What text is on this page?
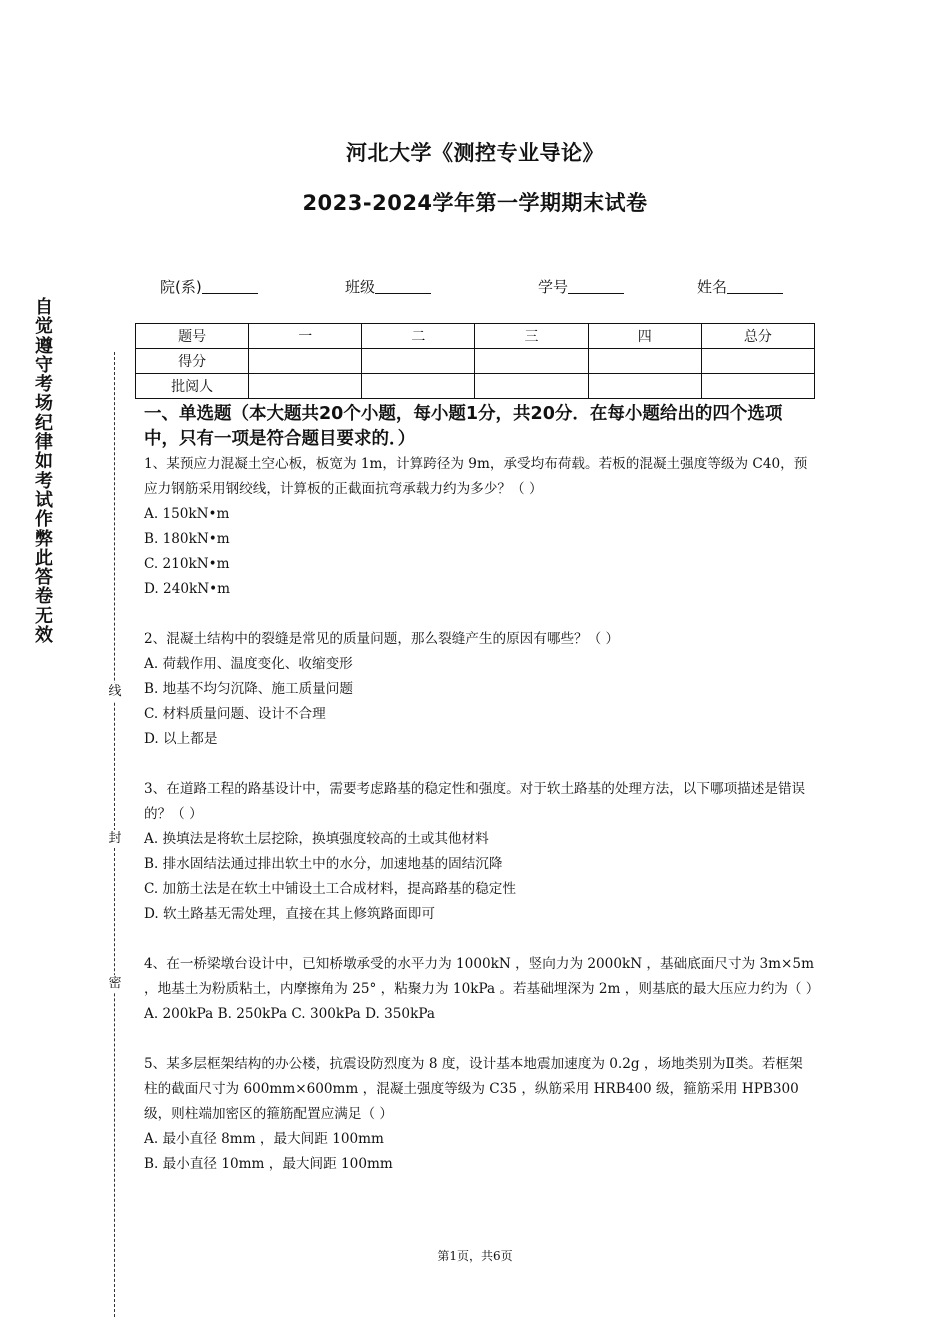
河北大学《测控专业导论》
2023-2024学年第一学期期末试卷
院(系)	班级	学号	姓名
题号	一	二	三	四	总分
得分					
批阅人					
自
觉
遵
守
考
场
纪
律
如
考
试
作
弊
此
答
卷
无
效
线
封
密

一、单选题（本大题共20个小题，每小题1分，共20分．在每小题给出的四个选项中，只有一项是符合题目要求的．）

1、某预应力混凝土空心板，板宽为 1m，计算跨径为 9m，承受均布荷载。若板的混凝土强度等级为 C40，预应力钢筋采用钢绞线，计算板的正截面抗弯承载力约为多少？（ ）

A. 150kN•m

B. 180kN•m

C. 210kN•m

D. 240kN•m

2、混凝土结构中的裂缝是常见的质量问题，那么裂缝产生的原因有哪些？（ ）

A. 荷载作用、温度变化、收缩变形

B. 地基不均匀沉降、施工质量问题

C. 材料质量问题、设计不合理

D. 以上都是

3、在道路工程的路基设计中，需要考虑路基的稳定性和强度。对于软土路基的处理方法，以下哪项描述是错误的？（ ）

A. 换填法是将软土层挖除，换填强度较高的土或其他材料

B. 排水固结法通过排出软土中的水分，加速地基的固结沉降

C. 加筋土法是在软土中铺设土工合成材料，提高路基的稳定性

D. 软土路基无需处理，直接在其上修筑路面即可

4、在一桥梁墩台设计中，已知桥墩承受的水平力为 1000kN ，竖向力为 2000kN ，基础底面尺寸为 3m×5m ，地基土为粉质粘土，内摩擦角为 25° ，粘聚力为 10kPa 。若基础埋深为 2m ，则基底的最大压应力约为（ ）

A. 200kPa B. 250kPa C. 300kPa D. 350kPa

5、某多层框架结构的办公楼，抗震设防烈度为 8 度，设计基本地震加速度为 0.2g ，场地类别为Ⅱ类。若框架柱的截面尺寸为 600mm×600mm ，混凝土强度等级为 C35 ，纵筋采用 HRB400 级，箍筋采用 HPB300 级，则柱端加密区的箍筋配置应满足（ ）

A. 最小直径 8mm ，最大间距 100mm

B. 最小直径 10mm ，最大间距 100mm

第1页，共6页
